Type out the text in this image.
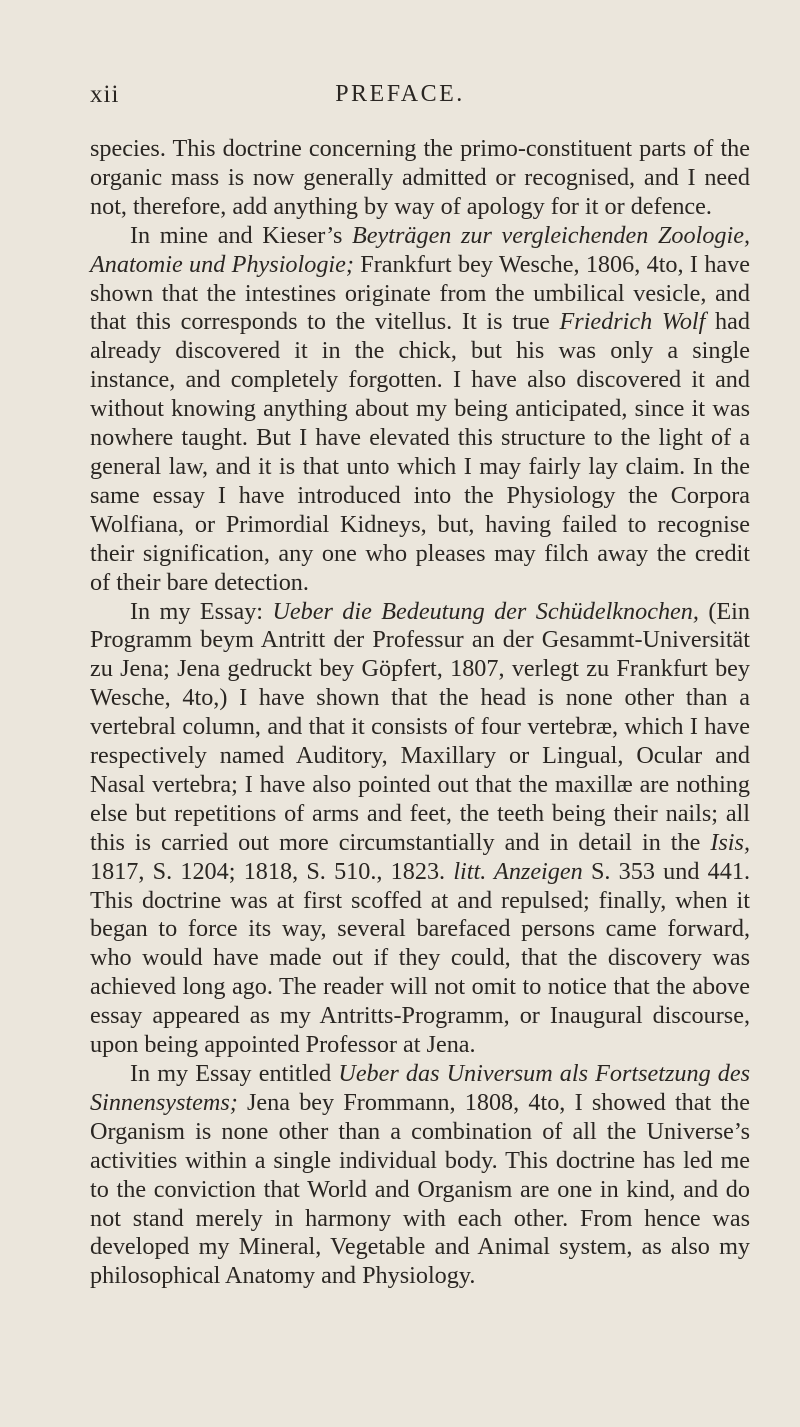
xii	PREFACE.

species. This doctrine concerning the primo-constituent parts of the organic mass is now generally admitted or recognised, and I need not, therefore, add anything by way of apology for it or defence.

In mine and Kieser’s Beyträgen zur vergleichenden Zoologie, Anatomie und Physiologie; Frankfurt bey Wesche, 1806, 4to, I have shown that the intestines originate from the umbilical vesicle, and that this corresponds to the vitellus. It is true Friedrich Wolf had already discovered it in the chick, but his was only a single instance, and completely forgotten. I have also discovered it and without knowing anything about my being anticipated, since it was nowhere taught. But I have elevated this structure to the light of a general law, and it is that unto which I may fairly lay claim. In the same essay I have introduced into the Physiology the Corpora Wolfiana, or Primordial Kidneys, but, having failed to recognise their signification, any one who pleases may filch away the credit of their bare detection.

In my Essay: Ueber die Bedeutung der Schüdelknochen, (Ein Programm beym Antritt der Professur an der Gesammt-Universität zu Jena; Jena gedruckt bey Göpfert, 1807, verlegt zu Frankfurt bey Wesche, 4to,) I have shown that the head is none other than a vertebral column, and that it consists of four vertebræ, which I have respectively named Auditory, Maxillary or Lingual, Ocular and Nasal vertebra; I have also pointed out that the maxillæ are nothing else but repetitions of arms and feet, the teeth being their nails; all this is carried out more circumstantially and in detail in the Isis, 1817, S. 1204; 1818, S. 510., 1823. litt. Anzeigen S. 353 und 441. This doctrine was at first scoffed at and repulsed; finally, when it began to force its way, several barefaced persons came forward, who would have made out if they could, that the discovery was achieved long ago. The reader will not omit to notice that the above essay appeared as my Antritts-Programm, or Inaugural discourse, upon being appointed Professor at Jena.

In my Essay entitled Ueber das Universum als Fortsetzung des Sinnensystems; Jena bey Frommann, 1808, 4to, I showed that the Organism is none other than a combination of all the Universe’s activities within a single individual body. This doctrine has led me to the conviction that World and Organism are one in kind, and do not stand merely in harmony with each other. From hence was developed my Mineral, Vegetable and Animal system, as also my philosophical Anatomy and Physiology.
